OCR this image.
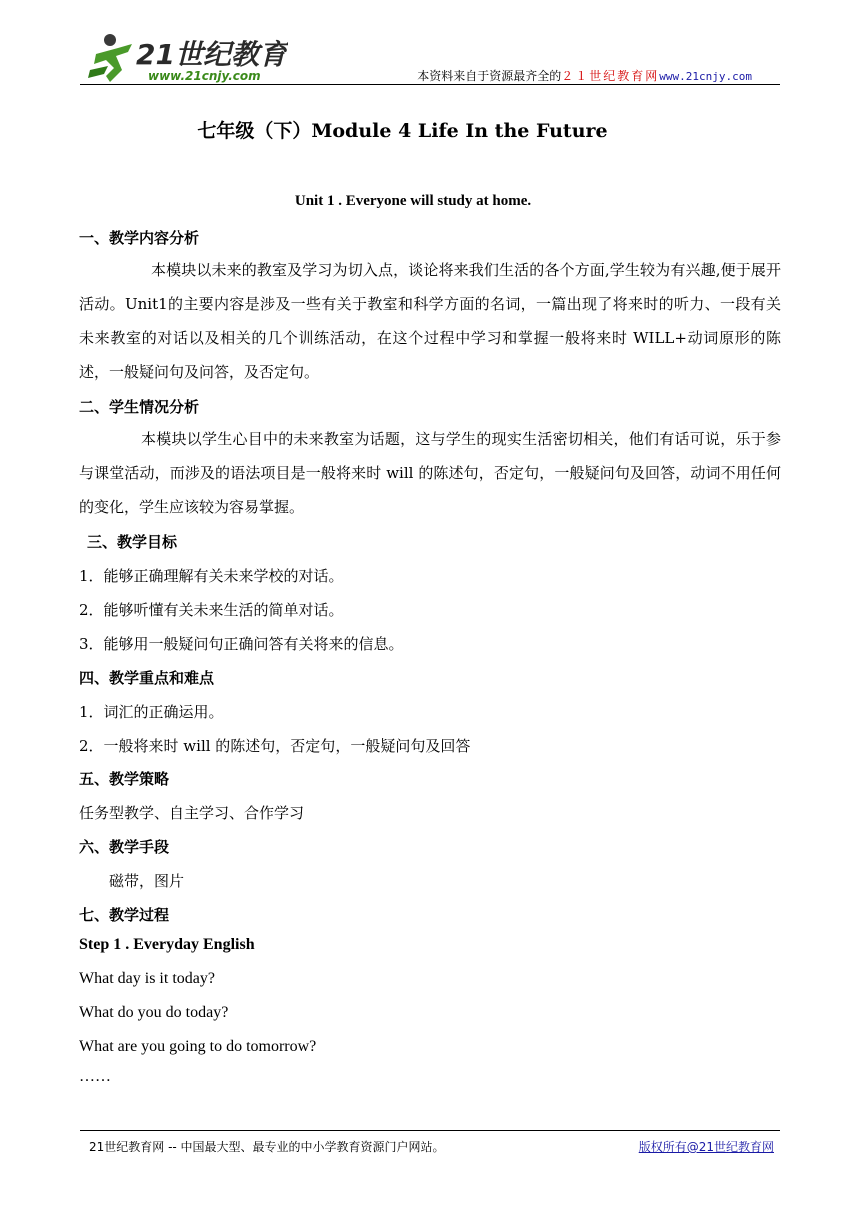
21世纪教育
www.21cnjy.com	本资料来自于资源最齐全的２１世纪教育网www.21cnjy.com
七年级（下）Module 4 Life In the Future
Unit 1 . Everyone will study at home.
一、教学内容分析
本模块以未来的教室及学习为切入点，谈论将来我们生活的各个方面,学生较为有兴趣,便于展开活动。Unit1的主要内容是涉及一些有关于教室和科学方面的名词，一篇出现了将来时的听力、一段有关未来教室的对话以及相关的几个训练活动，在这个过程中学习和掌握一般将来时 WILL+动词原形的陈述，一般疑问句及问答，及否定句。
二、学生情况分析
本模块以学生心目中的未来教室为话题，这与学生的现实生活密切相关，他们有话可说，乐于参与课堂活动，而涉及的语法项目是一般将来时 will 的陈述句，否定句，一般疑问句及回答，动词不用任何的变化，学生应该较为容易掌握。
三、教学目标
1．能够正确理解有关未来学校的对话。
2．能够听懂有关未来生活的简单对话。
3．能够用一般疑问句正确问答有关将来的信息。
四、教学重点和难点
1．词汇的正确运用。
2．一般将来时 will 的陈述句，否定句，一般疑问句及回答
五、教学策略
任务型教学、自主学习、合作学习
六、教学手段
磁带，图片
七、教学过程
Step 1 . Everyday English
What day is it today?
What do you do today?
What are you going to do tomorrow?
……
21世纪教育网 -- 中国最大型、最专业的中小学教育资源门户网站。	版权所有@21世纪教育网
